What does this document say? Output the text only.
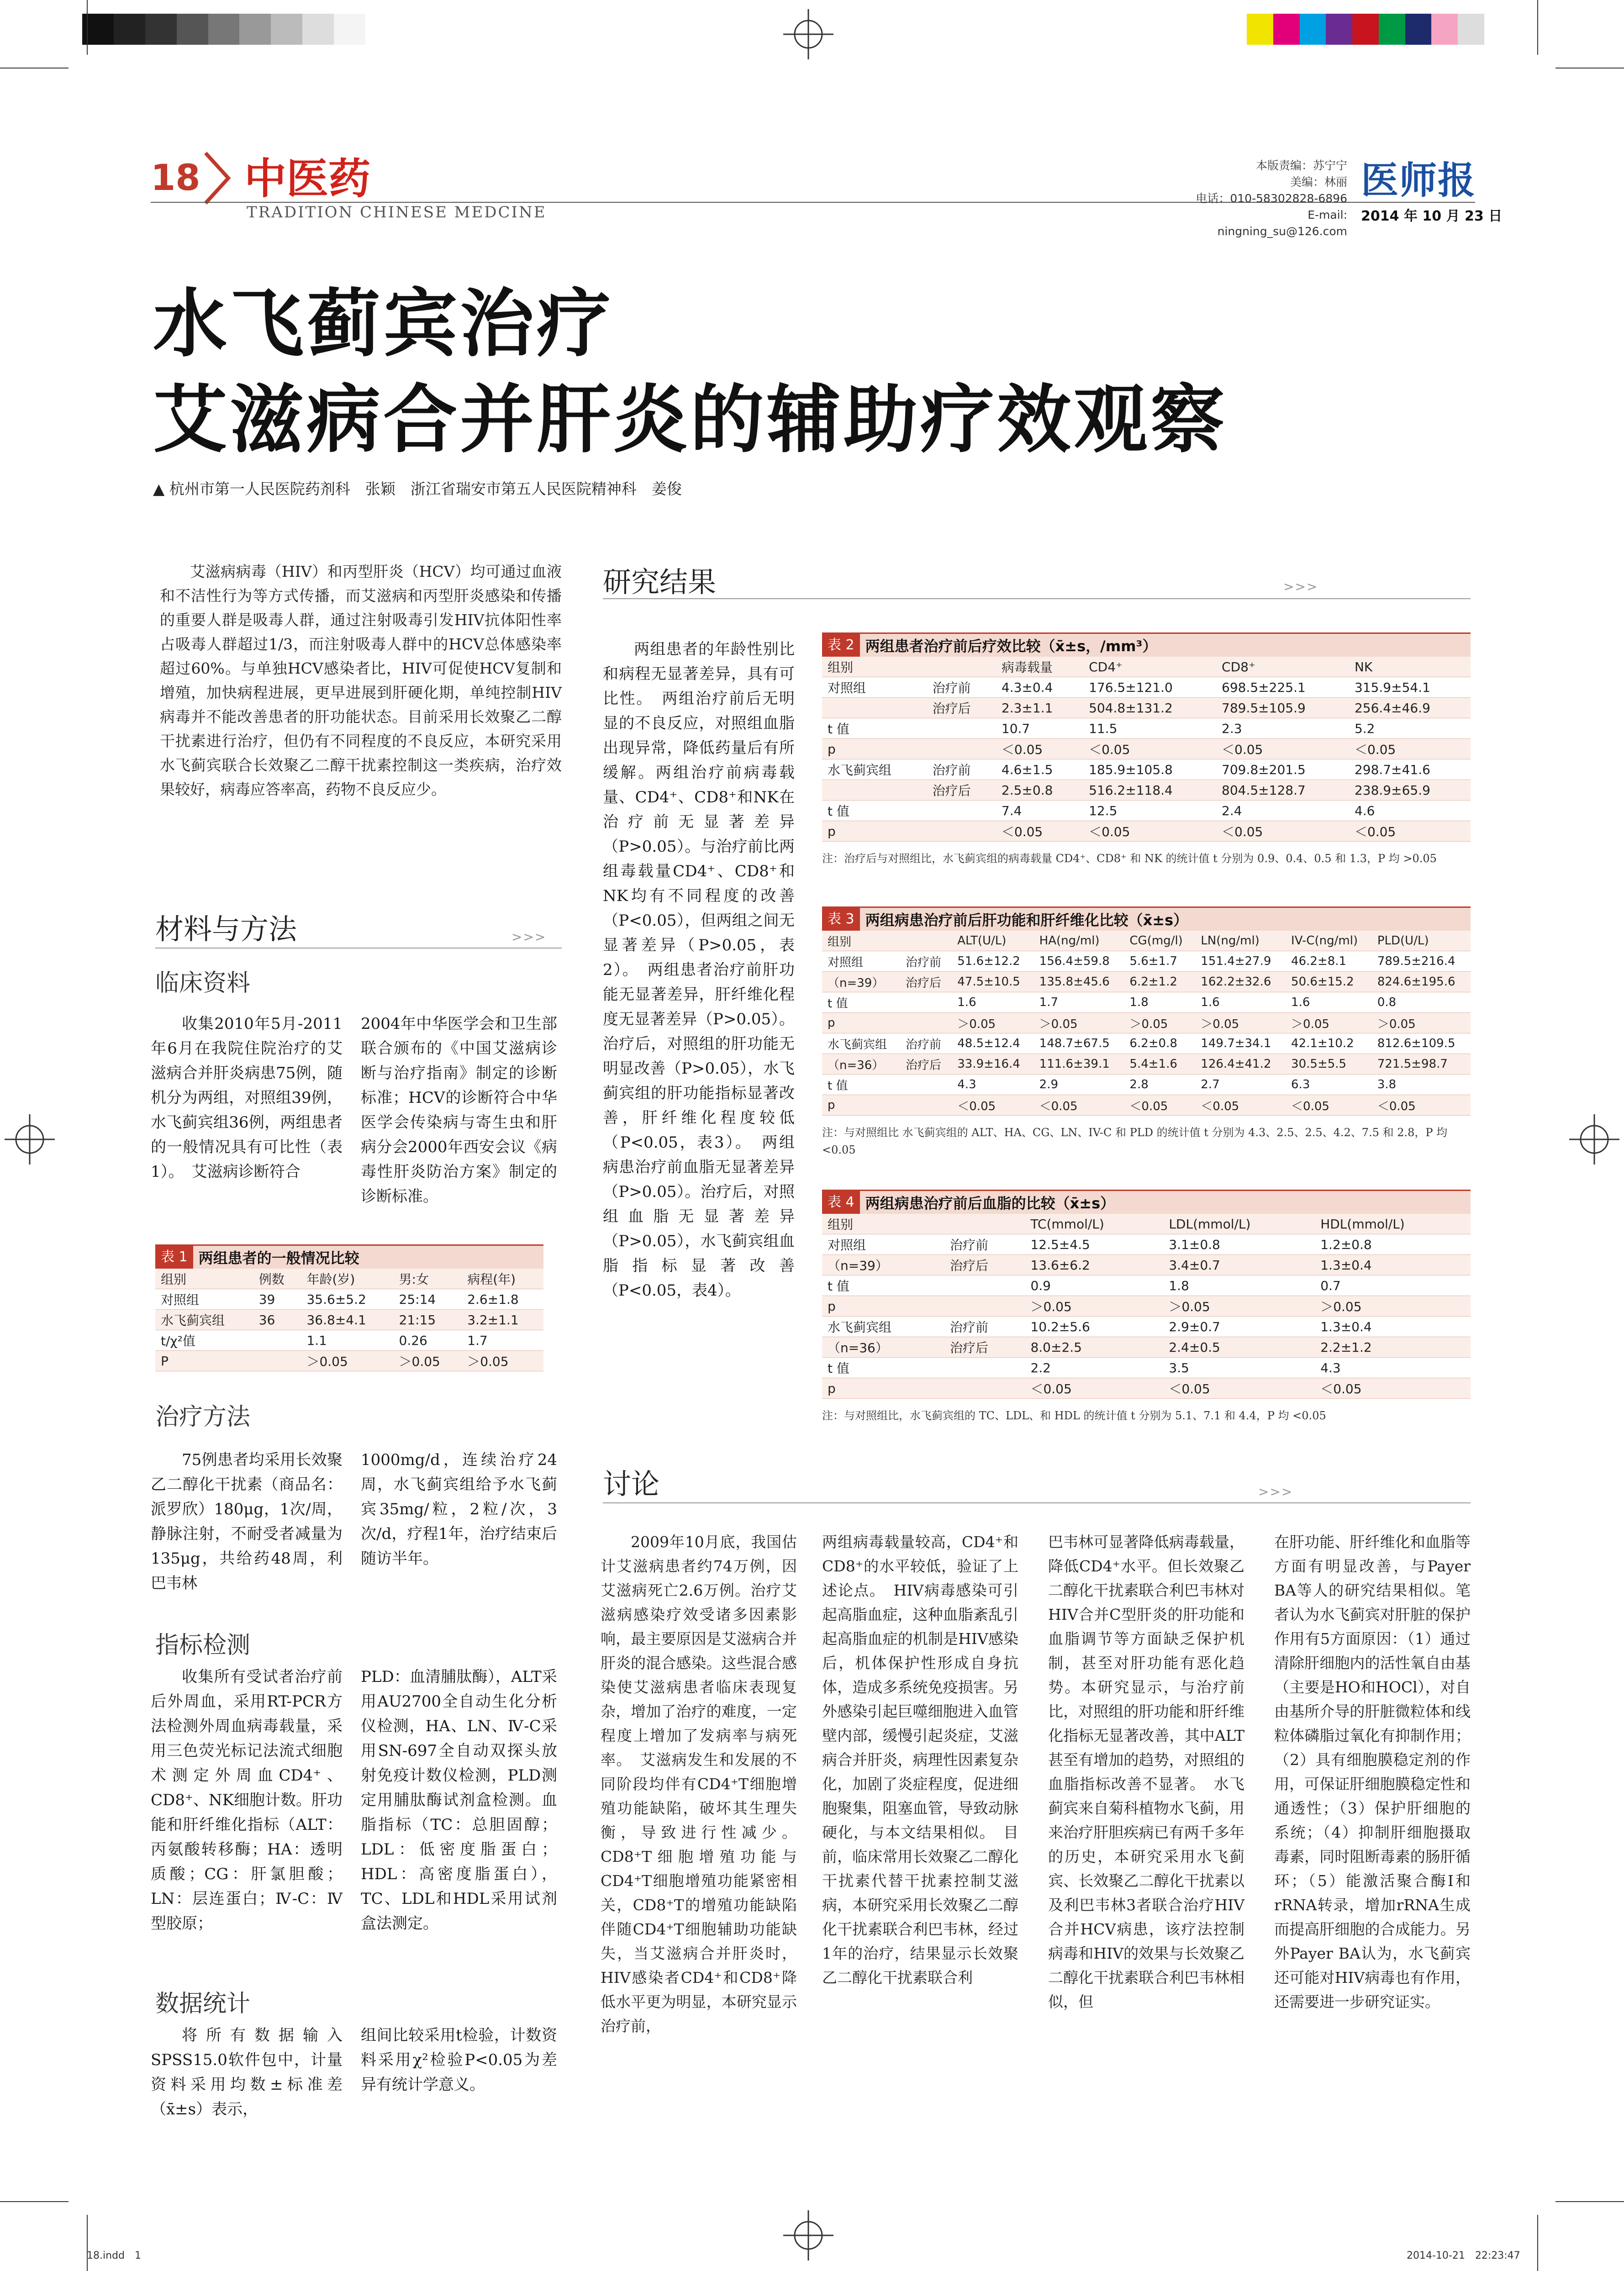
18 中医药
TRADITION CHINESE MEDCINE
本版责编：苏宁宁
美编：林丽
电话：010-58302828-6896
E-mail: ningning_su@126.com
医师报
2014 年 10 月 23 日
水飞蓟宾治疗
艾滋病合并肝炎的辅助疗效观察
▲ 杭州市第一人民医院药剂科　张颖　浙江省瑞安市第五人民医院精神科　姜俊
艾滋病病毒（HIV）和丙型肝炎（HCV）均可通过血液和不洁性行为等方式传播，而艾滋病和丙型肝炎感染和传播的重要人群是吸毒人群，通过注射吸毒引发HIV抗体阳性率占吸毒人群超过1/3，而注射吸毒人群中的HCV总体感染率超过60%。与单独HCV感染者比，HIV可促使HCV复制和增殖，加快病程进展，更早进展到肝硬化期，单纯控制HIV病毒并不能改善患者的肝功能状态。目前采用长效聚乙二醇干扰素进行治疗，但仍有不同程度的不良反应，本研究采用水飞蓟宾联合长效聚乙二醇干扰素控制这一类疾病，治疗效果较好，病毒应答率高，药物不良反应少。
材料与方法	>>>
临床资料
收集2010年5月-2011年6月在我院住院治疗的艾滋病合并肝炎病患75例，随机分为两组，对照组39例，水飞蓟宾组36例，两组患者的一般情况具有可比性（表1）。　艾滋病诊断符合
2004年中华医学会和卫生部联合颁布的《中国艾滋病诊断与治疗指南》制定的诊断标准；HCV的诊断符合中华医学会传染病与寄生虫和肝病分会2000年西安会议《病毒性肝炎防治方案》制定的诊断标准。
表 1 两组患者的一般情况比较
组别	例数	年龄(岁)	男:女	病程(年)
对照组	39	35.6±5.2	25:14	2.6±1.8
水飞蓟宾组	36	36.8±4.1	21:15	3.2±1.1
t/χ²值		1.1	0.26	1.7
P		＞0.05	＞0.05	＞0.05
治疗方法
75例患者均采用长效聚乙二醇化干扰素（商品名：派罗欣）180μg，1次/周，静脉注射，不耐受者减量为135μg，共给药48周，利巴韦林
1000mg/d，连续治疗24周，水飞蓟宾组给予水飞蓟宾35mg/粒，2粒/次，3次/d，疗程1年，治疗结束后随访半年。
指标检测
收集所有受试者治疗前后外周血，采用RT-PCR方法检测外周血病毒载量，采用三色荧光标记法流式细胞术测定外周血CD4⁺、CD8⁺、NK细胞计数。肝功能和肝纤维化指标（ALT：丙氨酸转移酶；HA：透明质酸；CG：肝氯胆酸；LN：层连蛋白；Ⅳ-C：Ⅳ型胶原；
PLD：血清脯肽酶），ALT采用AU2700全自动生化分析仪检测，HA、LN、Ⅳ-C采用SN-697全自动双探头放射免疫计数仪检测，PLD测定用脯肽酶试剂盒检测。血脂指标（TC：总胆固醇；LDL：低密度脂蛋白；HDL：高密度脂蛋白），TC、LDL和HDL采用试剂盒法测定。
数据统计
将所有数据输入SPSS15.0软件包中，计量资料采用均数±标准差（x̄±s）表示，
组间比较采用t检验，计数资料采用χ²检验P<0.05为差异有统计学意义。
研究结果	>>>
两组患者的年龄性别比和病程无显著差异，具有可比性。　两组治疗前后无明显的不良反应，对照组血脂出现异常，降低药量后有所缓解。两组治疗前病毒载量、CD4⁺、CD8⁺和NK在治疗前无显著差异（P>0.05）。与治疗前比两组毒载量CD4⁺、CD8⁺和NK均有不同程度的改善（P<0.05），但两组之间无显著差异（P>0.05，表2）。　两组患者治疗前肝功能无显著差异，肝纤维化程度无显著差异（P>0.05）。治疗后，对照组的肝功能无明显改善（P>0.05），水飞蓟宾组的肝功能指标显著改善，肝纤维化程度较低（P<0.05，表3）。　两组病患治疗前血脂无显著差异（P>0.05）。治疗后，对照组血脂无显著差异（P>0.05），水飞蓟宾组血脂指标显著改善（P<0.05，表4）。
表 2 两组患者治疗前后疗效比较（x̄±s，/mm³）
组别		病毒载量	CD4⁺	CD8⁺	NK
对照组	治疗前	4.3±0.4	176.5±121.0	698.5±225.1	315.9±54.1
	治疗后	2.3±1.1	504.8±131.2	789.5±105.9	256.4±46.9
t 值		10.7	11.5	2.3	5.2
p		＜0.05	＜0.05	＜0.05	＜0.05
水飞蓟宾组	治疗前	4.6±1.5	185.9±105.8	709.8±201.5	298.7±41.6
	治疗后	2.5±0.8	516.2±118.4	804.5±128.7	238.9±65.9
t 值		7.4	12.5	2.4	4.6
p		＜0.05	＜0.05	＜0.05	＜0.05
注：治疗后与对照组比，水飞蓟宾组的病毒载量 CD4⁺、CD8⁺ 和 NK 的统计值 t 分别为 0.9、0.4、0.5 和 1.3，P 均 >0.05
表 3 两组病患治疗前后肝功能和肝纤维化比较（x̄±s）
组别		ALT(U/L)	HA(ng/ml)	CG(mg/l)	LN(ng/ml)	IV-C(ng/ml)	PLD(U/L)
对照组	治疗前	51.6±12.2	156.4±59.8	5.6±1.7	151.4±27.9	46.2±8.1	789.5±216.4
（n=39）	治疗后	47.5±10.5	135.8±45.6	6.2±1.2	162.2±32.6	50.6±15.2	824.6±195.6
t 值		1.6	1.7	1.8	1.6	1.6	0.8
p		＞0.05	＞0.05	＞0.05	＞0.05	＞0.05	＞0.05
水飞蓟宾组	治疗前	48.5±12.4	148.7±67.5	6.2±0.8	149.7±34.1	42.1±10.2	812.6±109.5
（n=36）	治疗后	33.9±16.4	111.6±39.1	5.4±1.6	126.4±41.2	30.5±5.5	721.5±98.7
t 值		4.3	2.9	2.8	2.7	6.3	3.8
p		＜0.05	＜0.05	＜0.05	＜0.05	＜0.05	＜0.05
注：与对照组比 水飞蓟宾组的 ALT、HA、CG、LN、IV-C 和 PLD 的统计值 t 分别为 4.3、2.5、2.5、4.2、7.5 和 2.8，P 均 <0.05
表 4 两组病患治疗前后血脂的比较（x̄±s）
组别		TC(mmol/L)	LDL(mmol/L)	HDL(mmol/L)
对照组	治疗前	12.5±4.5	3.1±0.8	1.2±0.8
（n=39）	治疗后	13.6±6.2	3.4±0.7	1.3±0.4
t 值		0.9	1.8	0.7
p		＞0.05	＞0.05	＞0.05
水飞蓟宾组	治疗前	10.2±5.6	2.9±0.7	1.3±0.4
（n=36）	治疗后	8.0±2.5	2.4±0.5	2.2±1.2
t 值		2.2	3.5	4.3
p		＜0.05	＜0.05	＜0.05
注：与对照组比，水飞蓟宾组的 TC、LDL、和 HDL 的统计值 t 分别为 5.1、7.1 和 4.4，P 均 <0.05
讨论	>>>
2009年10月底，我国估计艾滋病患者约74万例，因艾滋病死亡2.6万例。治疗艾滋病感染疗效受诸多因素影响，最主要原因是艾滋病合并肝炎的混合感染。这些混合感染使艾滋病患者临床表现复杂，增加了治疗的难度，一定程度上增加了发病率与病死率。　艾滋病发生和发展的不同阶段均伴有CD4⁺T细胞增殖功能缺陷，破坏其生理失衡，导致进行性减少。CD8⁺T细胞增殖功能与CD4⁺T细胞增殖功能紧密相关，CD8⁺T的增殖功能缺陷伴随CD4⁺T细胞辅助功能缺失，当艾滋病合并肝炎时，HIV感染者CD4⁺和CD8⁺降低水平更为明显，本研究显示治疗前，
两组病毒载量较高，CD4⁺和CD8⁺的水平较低，验证了上述论点。　HIV病毒感染可引起高脂血症，这种血脂紊乱引起高脂血症的机制是HIV感染后，机体保护性形成自身抗体，造成多系统免疫损害。另外感染引起巨噬细胞进入血管壁内部，缓慢引起炎症，艾滋病合并肝炎，病理性因素复杂化，加剧了炎症程度，促进细胞聚集，阻塞血管，导致动脉硬化，与本文结果相似。　目前，临床常用长效聚乙二醇化干扰素代替干扰素控制艾滋病，本研究采用长效聚乙二醇化干扰素联合利巴韦林，经过1年的治疗，结果显示长效聚乙二醇化干扰素联合利
巴韦林可显著降低病毒载量，降低CD4⁺水平。但长效聚乙二醇化干扰素联合利巴韦林对HIV合并C型肝炎的肝功能和血脂调节等方面缺乏保护机制，甚至对肝功能有恶化趋势。本研究显示，与治疗前比，对照组的肝功能和肝纤维化指标无显著改善，其中ALT甚至有增加的趋势，对照组的血脂指标改善不显著。　水飞蓟宾来自菊科植物水飞蓟，用来治疗肝胆疾病已有两千多年的历史，本研究采用水飞蓟宾、长效聚乙二醇化干扰素以及利巴韦林3者联合治疗HIV合并HCV病患，该疗法控制病毒和HIV的效果与长效聚乙二醇化干扰素联合利巴韦林相似，但
在肝功能、肝纤维化和血脂等方面有明显改善，与Payer BA等人的研究结果相似。笔者认为水飞蓟宾对肝脏的保护作用有5方面原因：（1）通过清除肝细胞内的活性氧自由基（主要是HO和HOCl），对自由基所介导的肝脏微粒体和线粒体磷脂过氧化有抑制作用；（2）具有细胞膜稳定剂的作用，可保证肝细胞膜稳定性和通透性；（3）保护肝细胞的系统；（4）抑制肝细胞摄取毒素，同时阻断毒素的肠肝循环；（5）能激活聚合酶Ⅰ和rRNA转录，增加rRNA生成而提高肝细胞的合成能力。另外Payer BA认为，水飞蓟宾还可能对HIV病毒也有作用，还需要进一步研究证实。
18.indd　1	2014-10-21　22:23:47
